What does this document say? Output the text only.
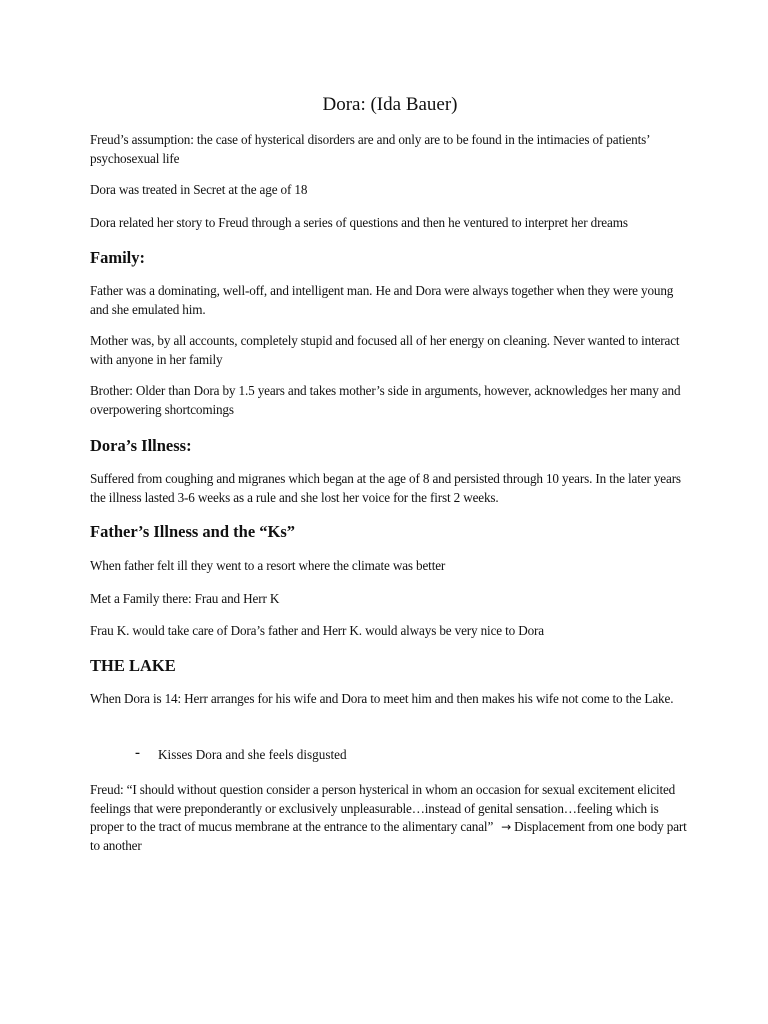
Dora: (Ida Bauer)

Freud’s assumption: the case of hysterical disorders are and only are to be found in the intimacies of patients’ psychosexual life

Dora was treated in Secret at the age of 18

Dora related her story to Freud through a series of questions and then he ventured to interpret her dreams

Family:

Father was a dominating, well-off, and intelligent man. He and Dora were always together when they were young and she emulated him.

Mother was, by all accounts, completely stupid and focused all of her energy on cleaning. Never wanted to interact with anyone in her family

Brother: Older than Dora by 1.5 years and takes mother’s side in arguments, however, acknowledges her many and overpowering shortcomings

Dora’s Illness:

Suffered from coughing and migranes which began at the age of 8 and persisted through 10 years. In the later years the illness lasted 3-6 weeks as a rule and she lost her voice for the first 2 weeks.

Father’s Illness and the “Ks”

When father felt ill they went to a resort where the climate was better

Met a Family there: Frau and Herr K

Frau K. would take care of Dora’s father and Herr K. would always be very nice to Dora

THE LAKE

When Dora is 14: Herr arranges for his wife and Dora to meet him and then makes his wife not come to the Lake.

- Kisses Dora and she feels disgusted

Freud: “I should without question consider a person hysterical in whom an occasion for sexual excitement elicited feelings that were preponderantly or exclusively unpleasurable…instead of genital sensation…feeling which is proper to the tract of mucus membrane at the entrance to the alimentary canal” → Displacement from one body part to another
